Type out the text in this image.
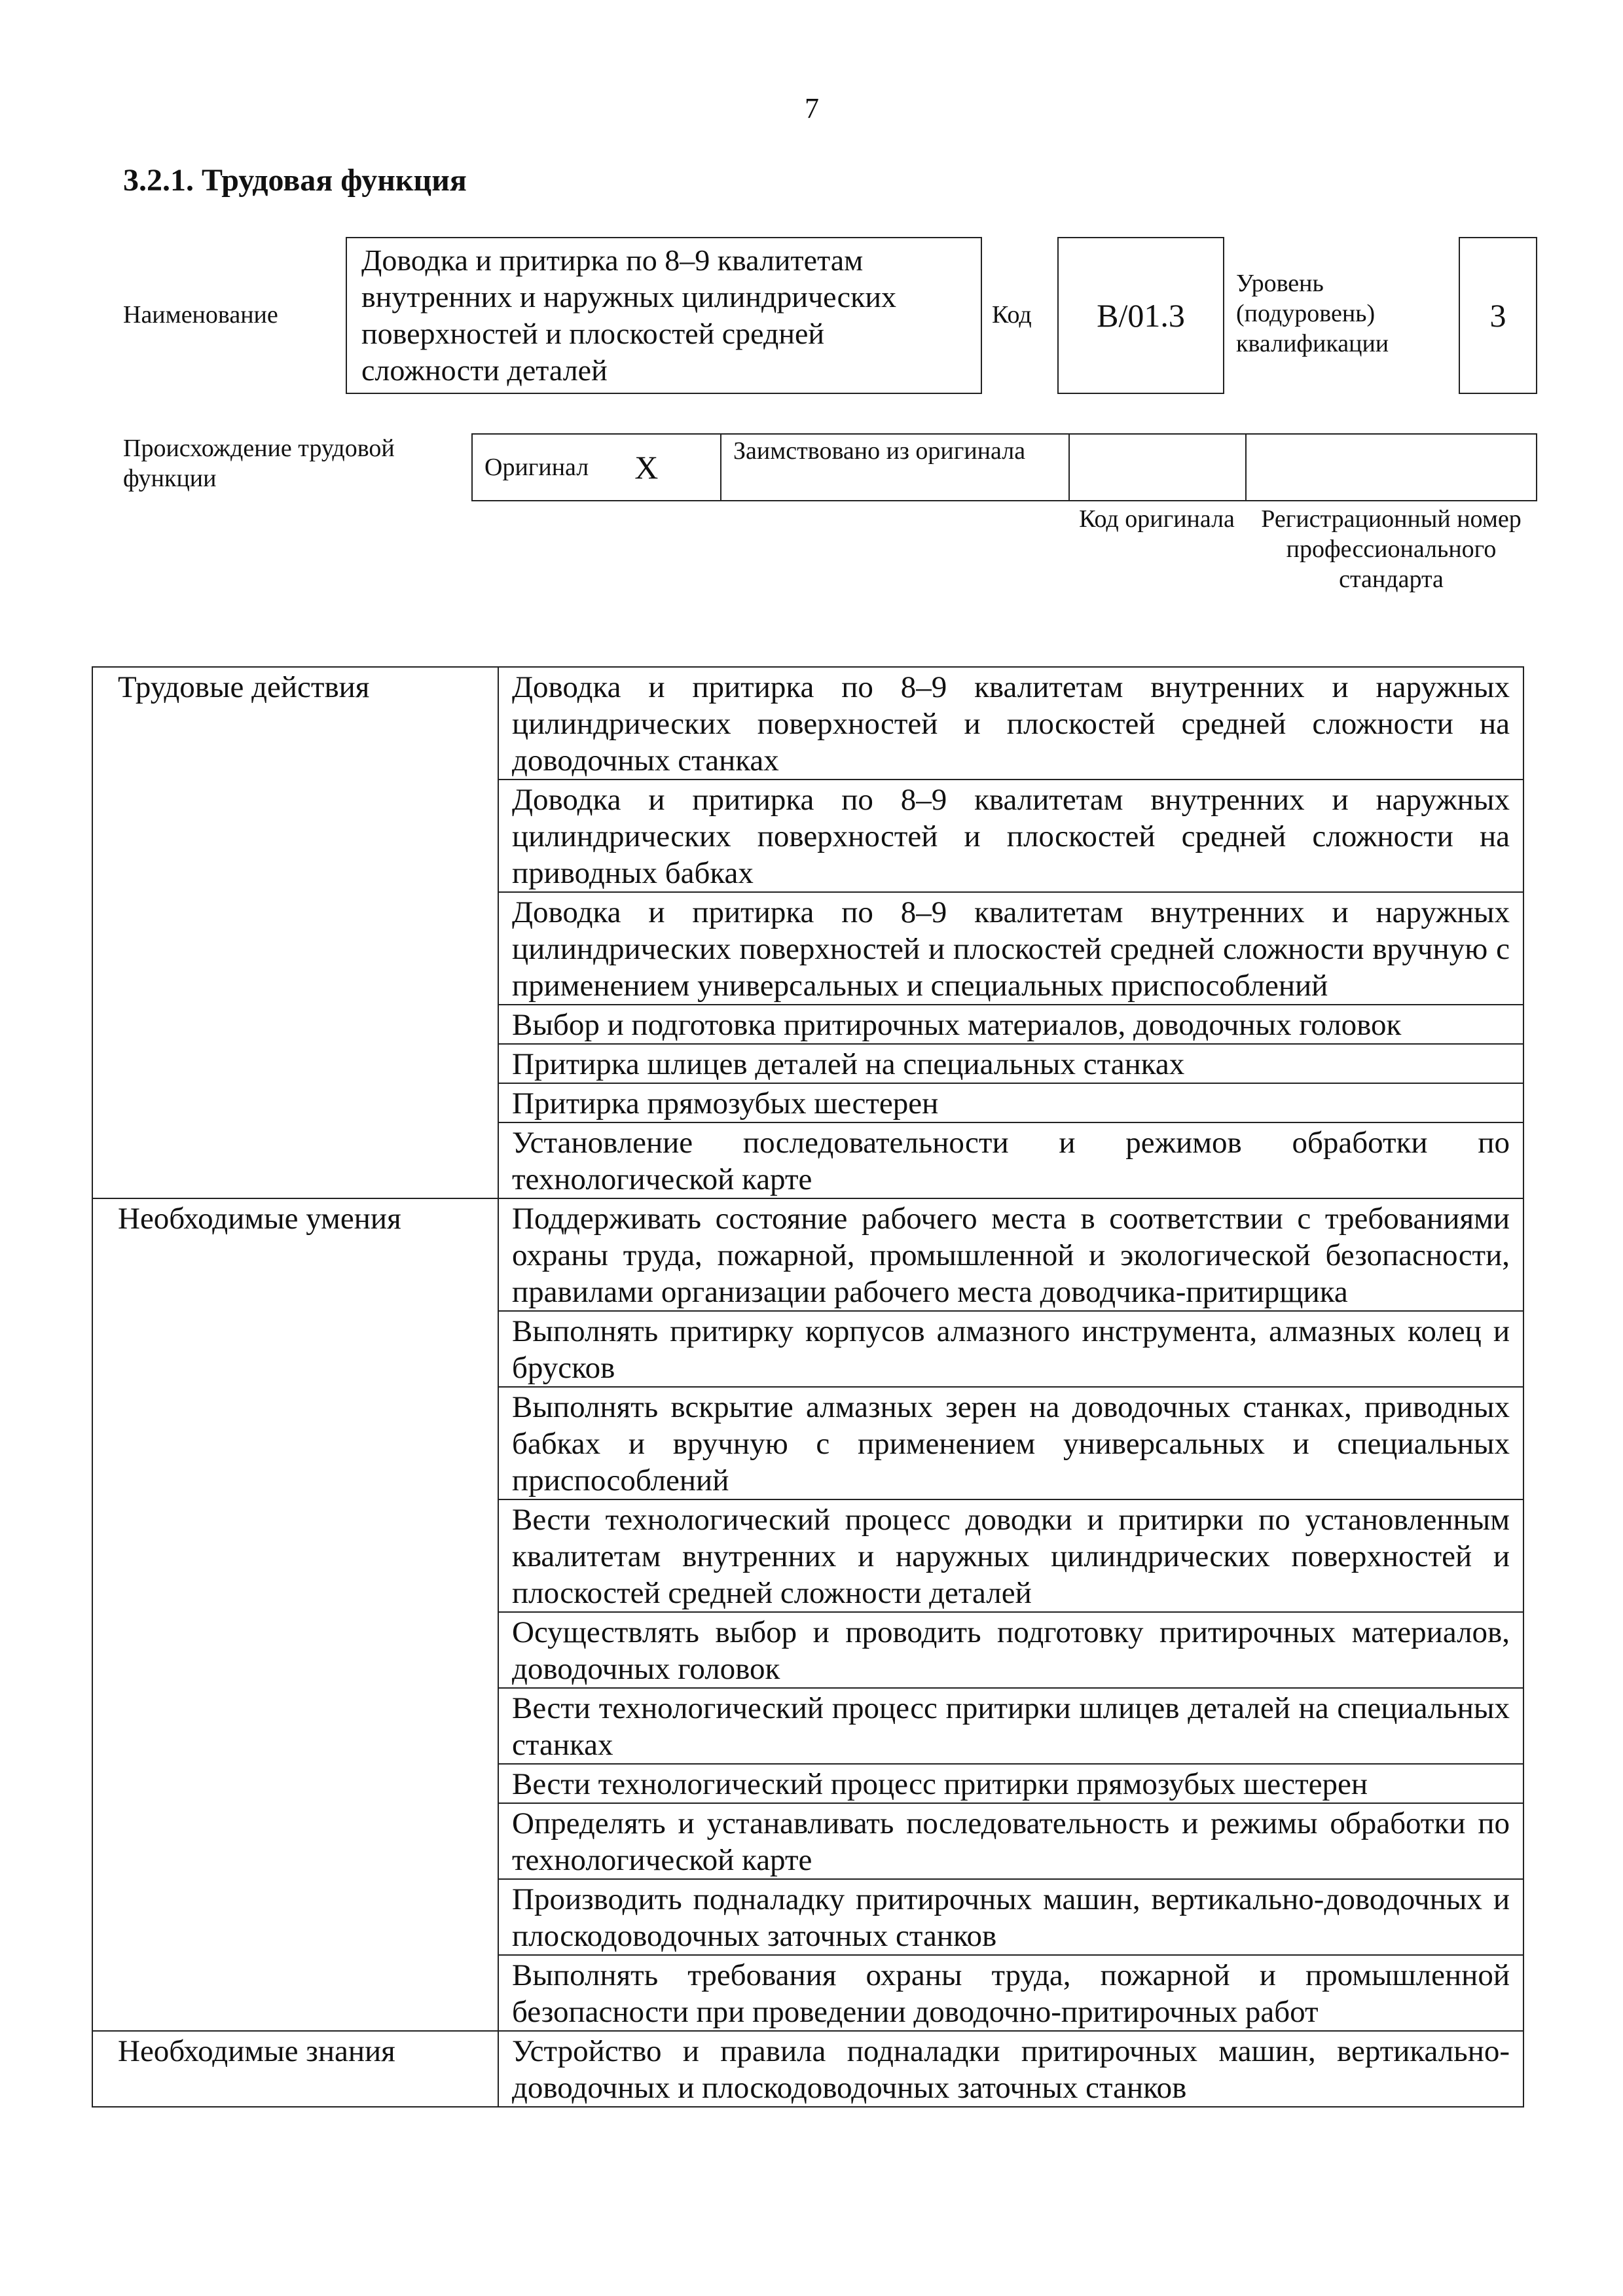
7
3.2.1. Трудовая функция
Наименование
Доводка и притирка по 8–9 квалитетам внутренних и наружных цилиндрических поверхностей и плоскостей средней сложности деталей
Код	B/01.3
Уровень (подуровень) квалификации
3
Происхождение трудовой функции	Оригинал X	Заимствовано из оригинала
Код оригинала	Регистрационный номер профессионального стандарта
Трудовые действия	Доводка и притирка по 8–9 квалитетам внутренних и наружных цилиндрических поверхностей и плоскостей средней сложности на доводочных станках
	Доводка и притирка по 8–9 квалитетам внутренних и наружных цилиндрических поверхностей и плоскостей средней сложности на приводных бабках
	Доводка и притирка по 8–9 квалитетам внутренних и наружных цилиндрических поверхностей и плоскостей средней сложности вручную с применением универсальных и специальных приспособлений
	Выбор и подготовка притирочных материалов, доводочных головок
	Притирка шлицев деталей на специальных станках
	Притирка прямозубых шестерен
	Установление последовательности и режимов обработки по технологической карте
Необходимые умения	Поддерживать состояние рабочего места в соответствии с требованиями охраны труда, пожарной, промышленной и экологической безопасности, правилами организации рабочего места доводчика-притирщика
	Выполнять притирку корпусов алмазного инструмента, алмазных колец и брусков
	Выполнять вскрытие алмазных зерен на доводочных станках, приводных бабках и вручную с применением универсальных и специальных приспособлений
	Вести технологический процесс доводки и притирки по установленным квалитетам внутренних и наружных цилиндрических поверхностей и плоскостей средней сложности деталей
	Осуществлять выбор и проводить подготовку притирочных материалов, доводочных головок
	Вести технологический процесс притирки шлицев деталей на специальных станках
	Вести технологический процесс притирки прямозубых шестерен
	Определять и устанавливать последовательность и режимы обработки по технологической карте
	Производить подналадку притирочных машин, вертикально-доводочных и плоскодоводочных заточных станков
	Выполнять требования охраны труда, пожарной и промышленной безопасности при проведении доводочно-притирочных работ
Необходимые знания	Устройство и правила подналадки притирочных машин, вертикально-доводочных и плоскодоводочных заточных станков
